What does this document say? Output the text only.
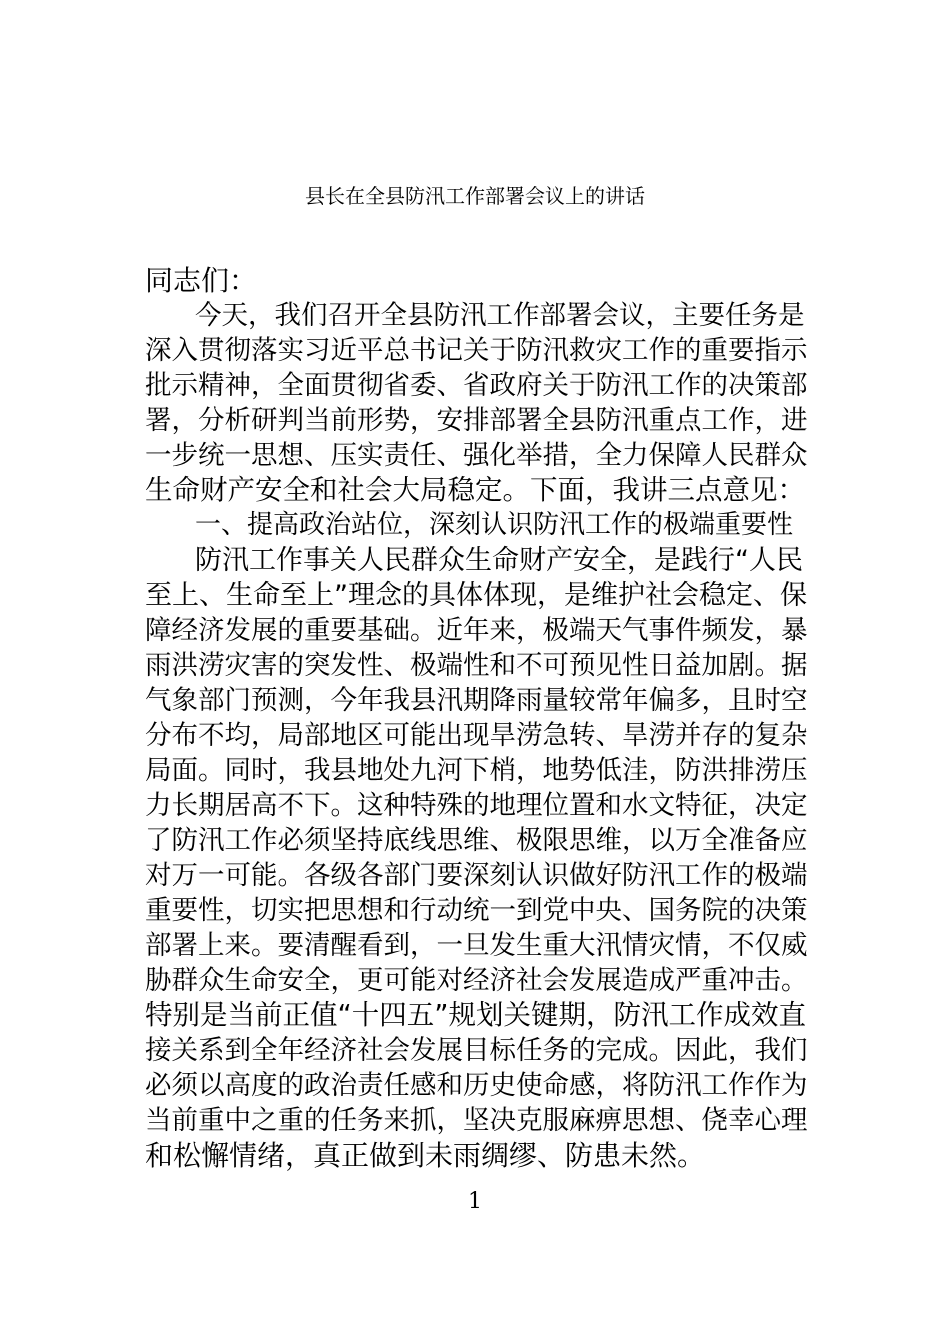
县长在全县防汛工作部署会议上的讲话
同志们：
今天，我们召开全县防汛工作部署会议，主要任务是
深入贯彻落实习近平总书记关于防汛救灾工作的重要指示
批示精神，全面贯彻省委、省政府关于防汛工作的决策部
署，分析研判当前形势，安排部署全县防汛重点工作，进
一步统一思想、压实责任、强化举措，全力保障人民群众
生命财产安全和社会大局稳定。下面，我讲三点意见：
一、提高政治站位，深刻认识防汛工作的极端重要性
防汛工作事关人民群众生命财产安全，是践行“人民
至上、生命至上”理念的具体体现，是维护社会稳定、保
障经济发展的重要基础。近年来，极端天气事件频发，暴
雨洪涝灾害的突发性、极端性和不可预见性日益加剧。据
气象部门预测，今年我县汛期降雨量较常年偏多，且时空
分布不均，局部地区可能出现旱涝急转、旱涝并存的复杂
局面。同时，我县地处九河下梢，地势低洼，防洪排涝压
力长期居高不下。这种特殊的地理位置和水文特征，决定
了防汛工作必须坚持底线思维、极限思维，以万全准备应
对万一可能。各级各部门要深刻认识做好防汛工作的极端
重要性，切实把思想和行动统一到党中央、国务院的决策
部署上来。要清醒看到，一旦发生重大汛情灾情，不仅威
胁群众生命安全，更可能对经济社会发展造成严重冲击。
特别是当前正值“十四五”规划关键期，防汛工作成效直
接关系到全年经济社会发展目标任务的完成。因此，我们
必须以高度的政治责任感和历史使命感，将防汛工作作为
当前重中之重的任务来抓，坚决克服麻痹思想、侥幸心理
和松懈情绪，真正做到未雨绸缪、防患未然。
1
